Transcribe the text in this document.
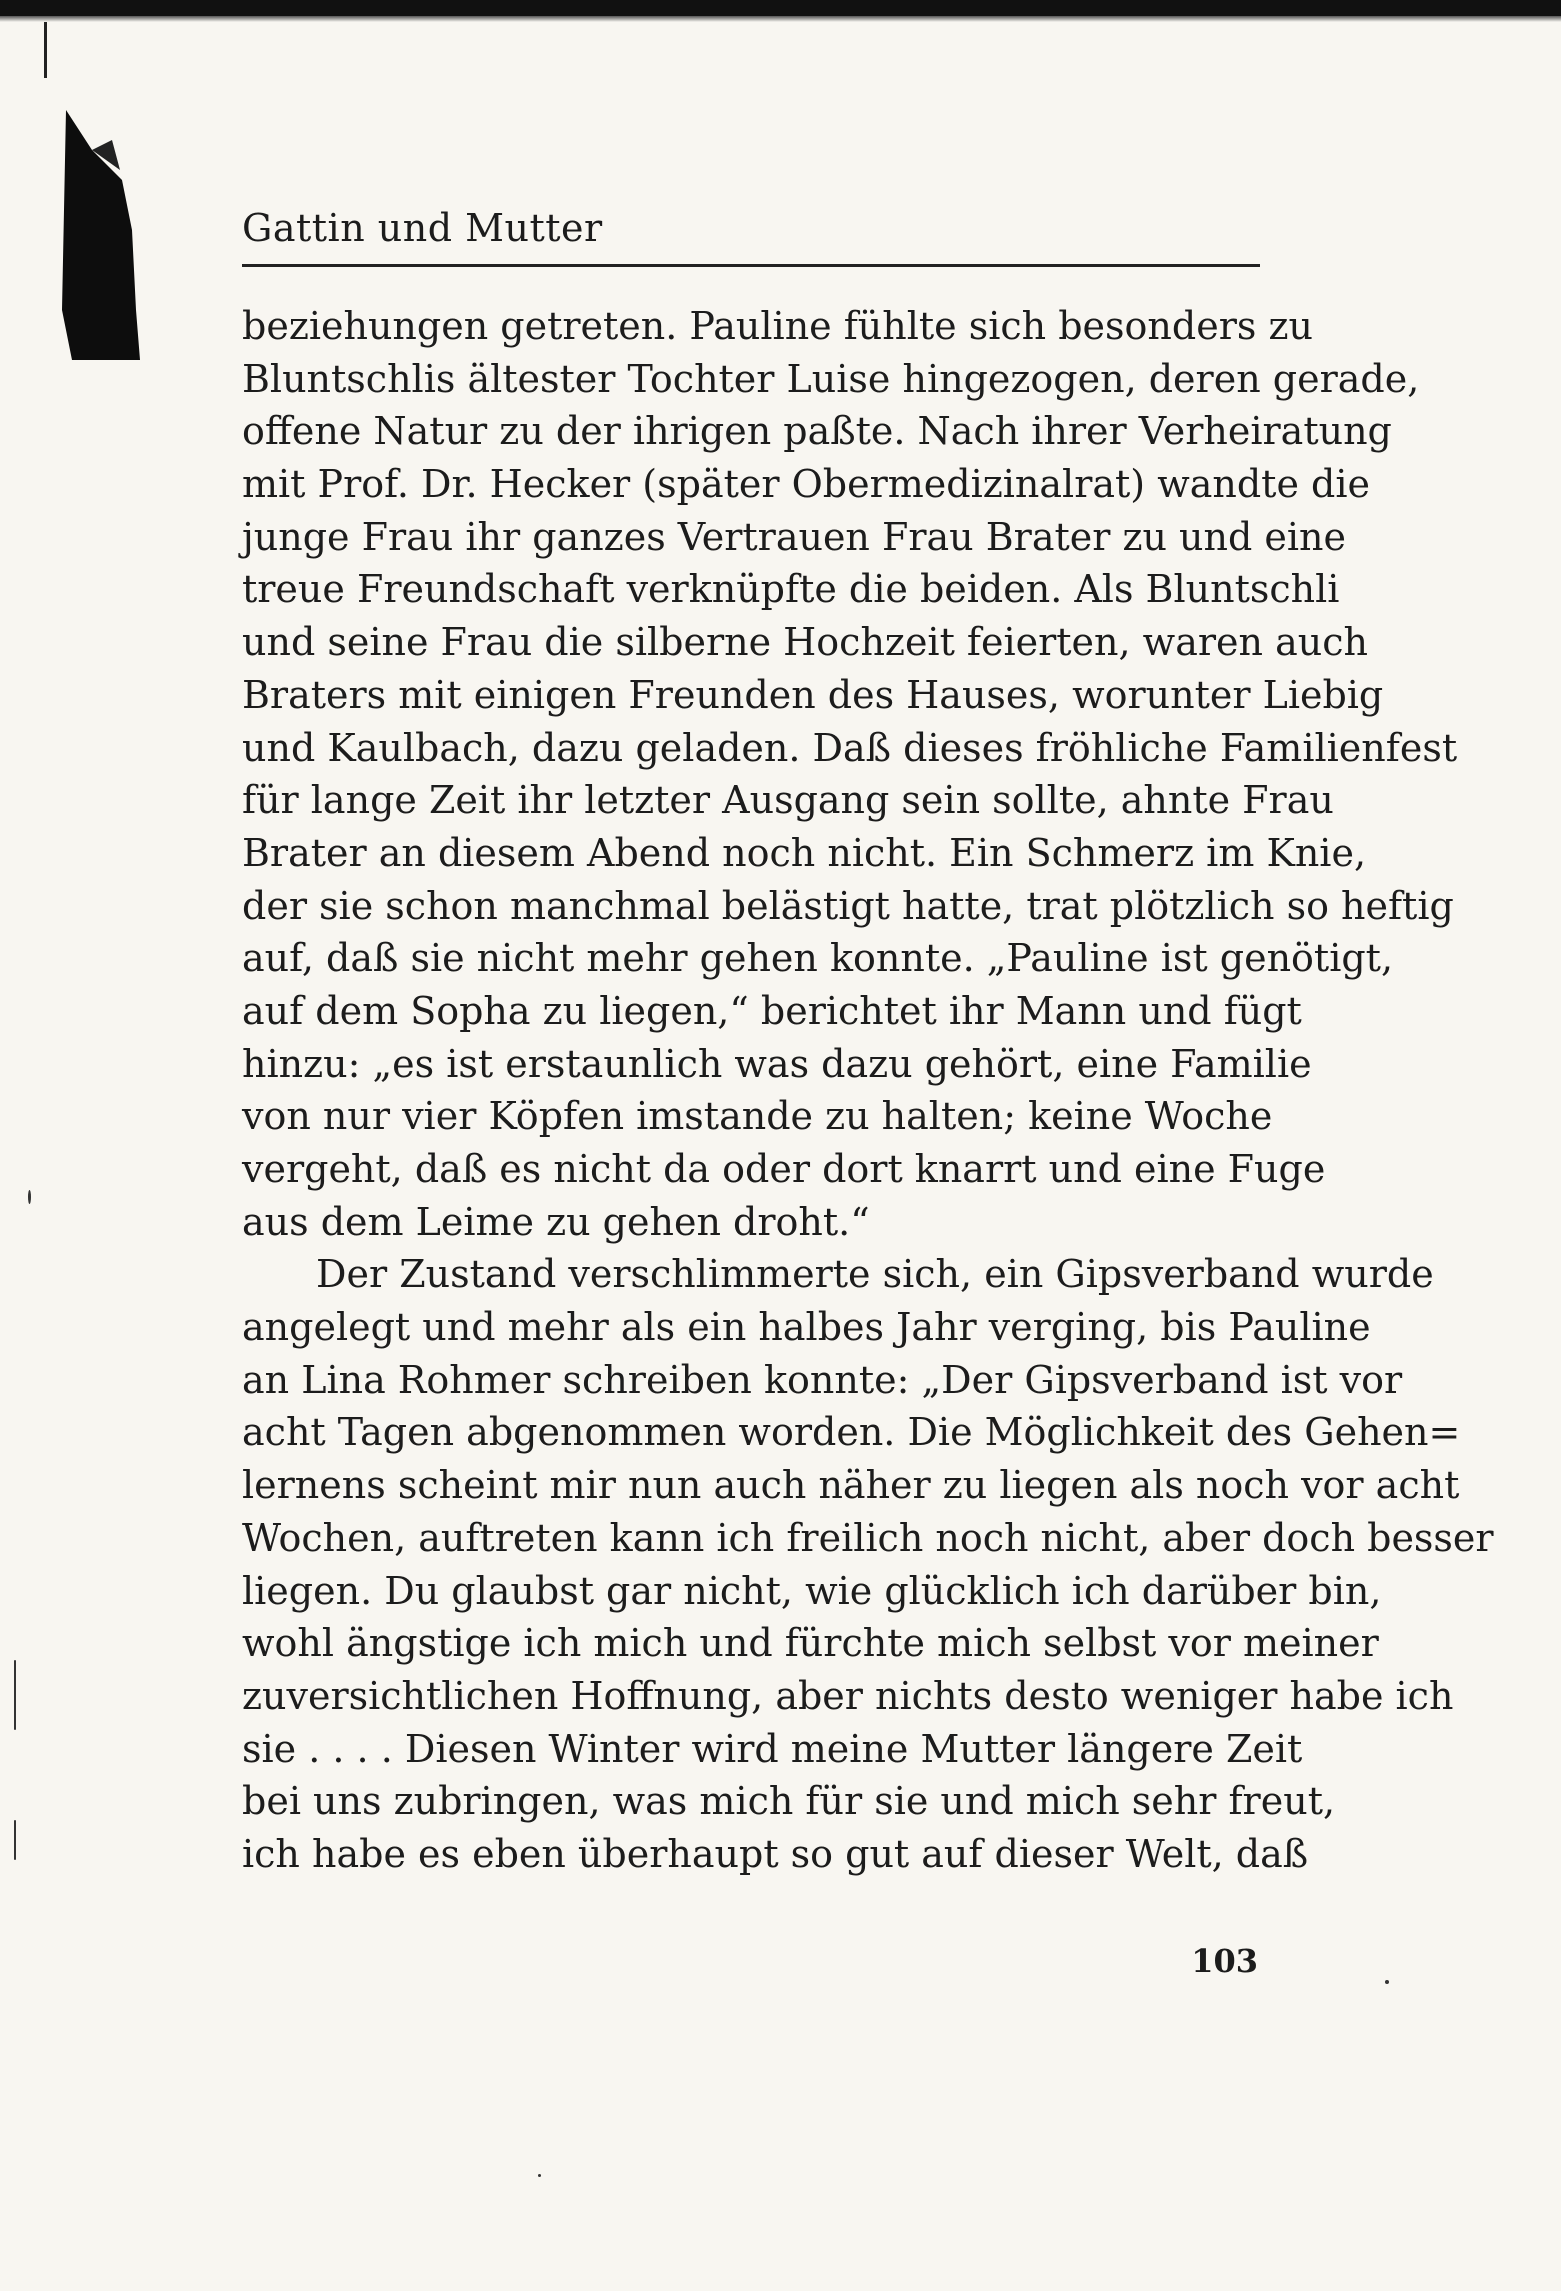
Gattin und Mutter
beziehungen getreten. Pauline fühlte sich besonders zu
Bluntschlis ältester Tochter Luise hingezogen, deren gerade,
offene Natur zu der ihrigen paßte. Nach ihrer Verheiratung
mit Prof. Dr. Hecker (später Obermedizinalrat) wandte die
junge Frau ihr ganzes Vertrauen Frau Brater zu und eine
treue Freundschaft verknüpfte die beiden. Als Bluntschli
und seine Frau die silberne Hochzeit feierten, waren auch
Braters mit einigen Freunden des Hauses, worunter Liebig
und Kaulbach, dazu geladen. Daß dieses fröhliche Familienfest
für lange Zeit ihr letzter Ausgang sein sollte, ahnte Frau
Brater an diesem Abend noch nicht. Ein Schmerz im Knie,
der sie schon manchmal belästigt hatte, trat plötzlich so heftig
auf, daß sie nicht mehr gehen konnte. „Pauline ist genötigt,
auf dem Sopha zu liegen,“ berichtet ihr Mann und fügt
hinzu: „es ist erstaunlich was dazu gehört, eine Familie
von nur vier Köpfen imstande zu halten; keine Woche
vergeht, daß es nicht da oder dort knarrt und eine Fuge
aus dem Leime zu gehen droht.“
Der Zustand verschlimmerte sich, ein Gipsverband wurde
angelegt und mehr als ein halbes Jahr verging, bis Pauline
an Lina Rohmer schreiben konnte: „Der Gipsverband ist vor
acht Tagen abgenommen worden. Die Möglichkeit des Gehen=
lernens scheint mir nun auch näher zu liegen als noch vor acht
Wochen, auftreten kann ich freilich noch nicht, aber doch besser
liegen. Du glaubst gar nicht, wie glücklich ich darüber bin,
wohl ängstige ich mich und fürchte mich selbst vor meiner
zuversichtlichen Hoffnung, aber nichts desto weniger habe ich
sie . . . . Diesen Winter wird meine Mutter längere Zeit
bei uns zubringen, was mich für sie und mich sehr freut,
ich habe es eben überhaupt so gut auf dieser Welt, daß
103
